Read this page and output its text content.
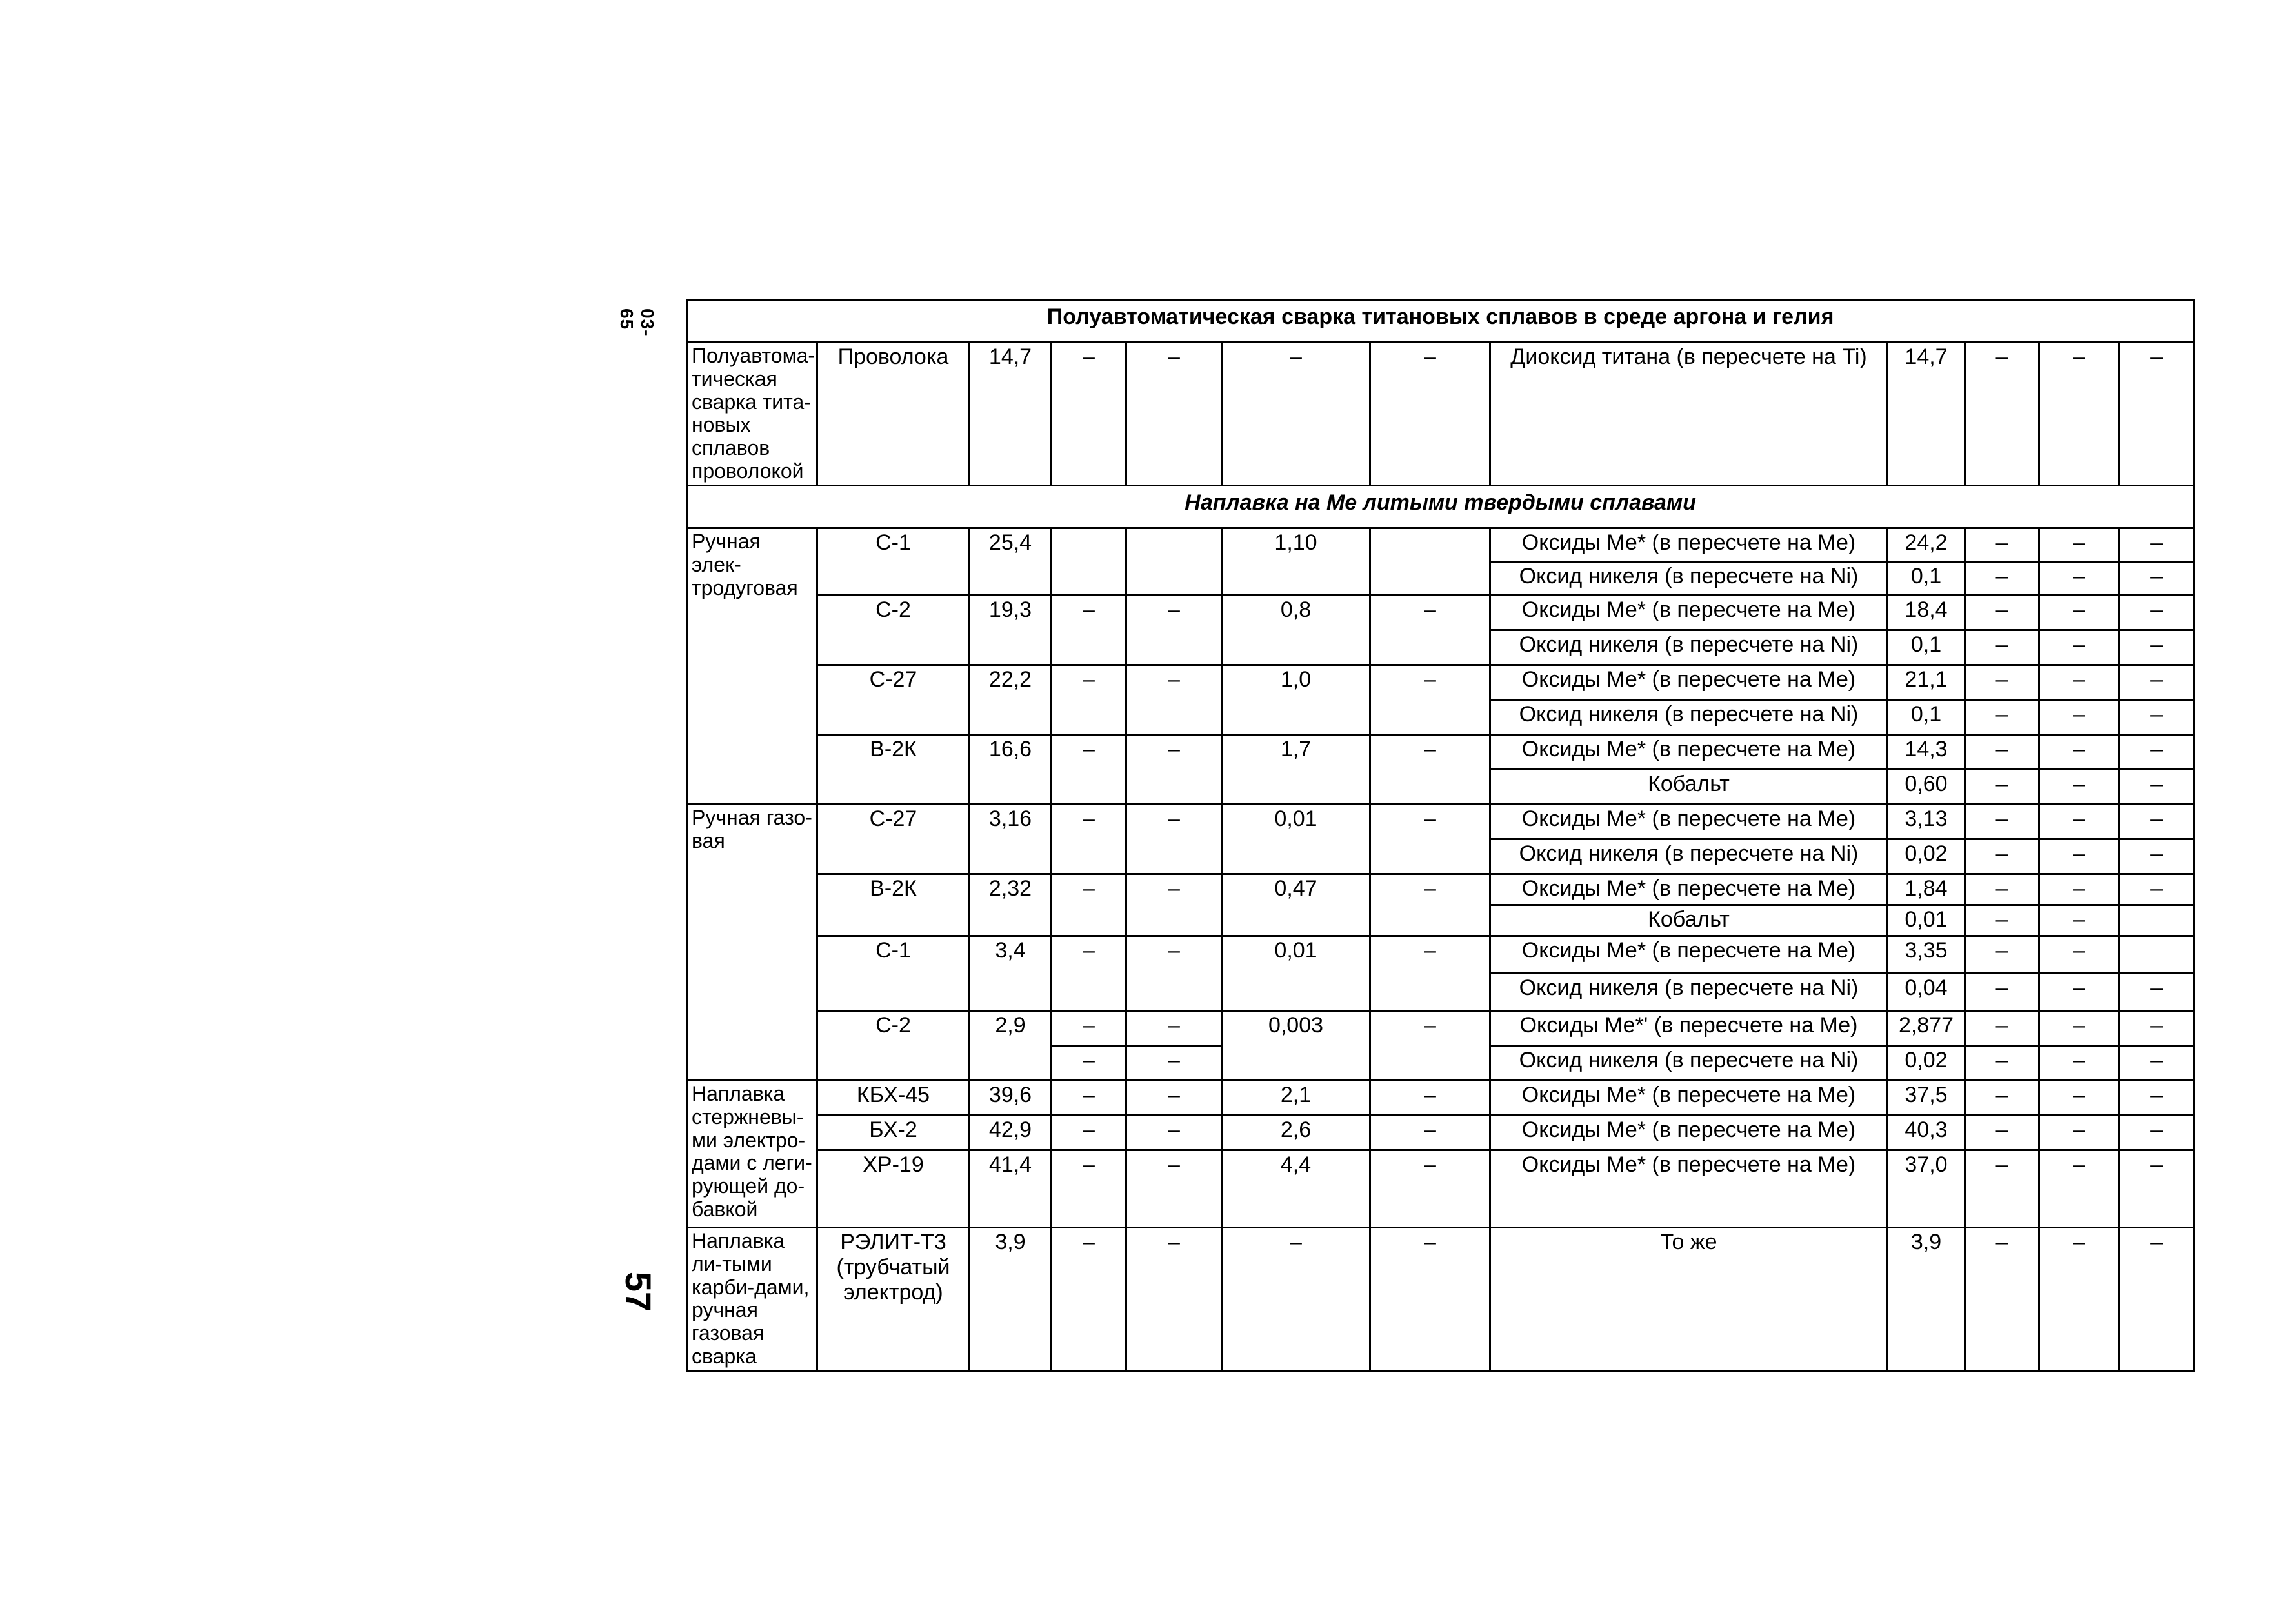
03-65
57
Полуавтоматическая сварка титановых сплавов в среде аргона и гелия											
Полуавтома-тическая сварка тита-новых сплавов проволокой	Проволока	14,7	–	–	–	–	Диоксид титана (в пересчете на Ti)	14,7	–	–	–
Наплавка на Ме литыми твердыми сплавами											
Ручная элек-тродуговая	С-1	25,4			1,10		Оксиды Ме* (в пересчете на Ме)	24,2	–	–	–
							Оксид никеля (в пересчете на Ni)	0,1	–	–	–
	С-2	19,3	–	–	0,8	–	Оксиды Ме* (в пересчете на Ме)	18,4	–	–	–
							Оксид никеля (в пересчете на Ni)	0,1	–	–	–
	С-27	22,2	–	–	1,0	–	Оксиды Ме* (в пересчете на Ме)	21,1	–	–	–
							Оксид никеля (в пересчете на Ni)	0,1	–	–	–
	В-2К	16,6	–	–	1,7	–	Оксиды Ме* (в пересчете на Ме)	14,3	–	–	–
							Кобальт	0,60	–	–	–
Ручная газо-вая	С-27	3,16	–	–	0,01	–	Оксиды Ме* (в пересчете на Ме)	3,13	–	–	–
							Оксид никеля (в пересчете на Ni)	0,02	–	–	–
	В-2К	2,32	–	–	0,47	–	Оксиды Ме* (в пересчете на Ме)	1,84	–	–	–
							Кобальт	0,01	–	–	
	С-1	3,4	–	–	0,01	–	Оксиды Ме* (в пересчете на Ме)	3,35	–	–	
							Оксид никеля (в пересчете на Ni)	0,04	–	–	–
	С-2	2,9	–	–	0,003	–	Оксиды Ме*' (в пересчете на Ме)	2,877	–	–	–
			–	–			Оксид никеля (в пересчете на Ni)	0,02	–	–	–
Наплавка стержневы-ми электро-дами с леги-рующей до-бавкой	КБХ-45	39,6	–	–	2,1	–	Оксиды Ме* (в пересчете на Ме)	37,5	–	–	–
	БХ-2	42,9	–	–	2,6	–	Оксиды Ме* (в пересчете на Ме)	40,3	–	–	–
	ХР-19	41,4	–	–	4,4	–	Оксиды Ме* (в пересчете на Ме)	37,0	–	–	–
Наплавка ли-тыми карби-дами, ручная газовая сварка	РЭЛИТ-Т3 (трубчатый электрод)	3,9	–	–	–	–	То же	3,9	–	–	–
